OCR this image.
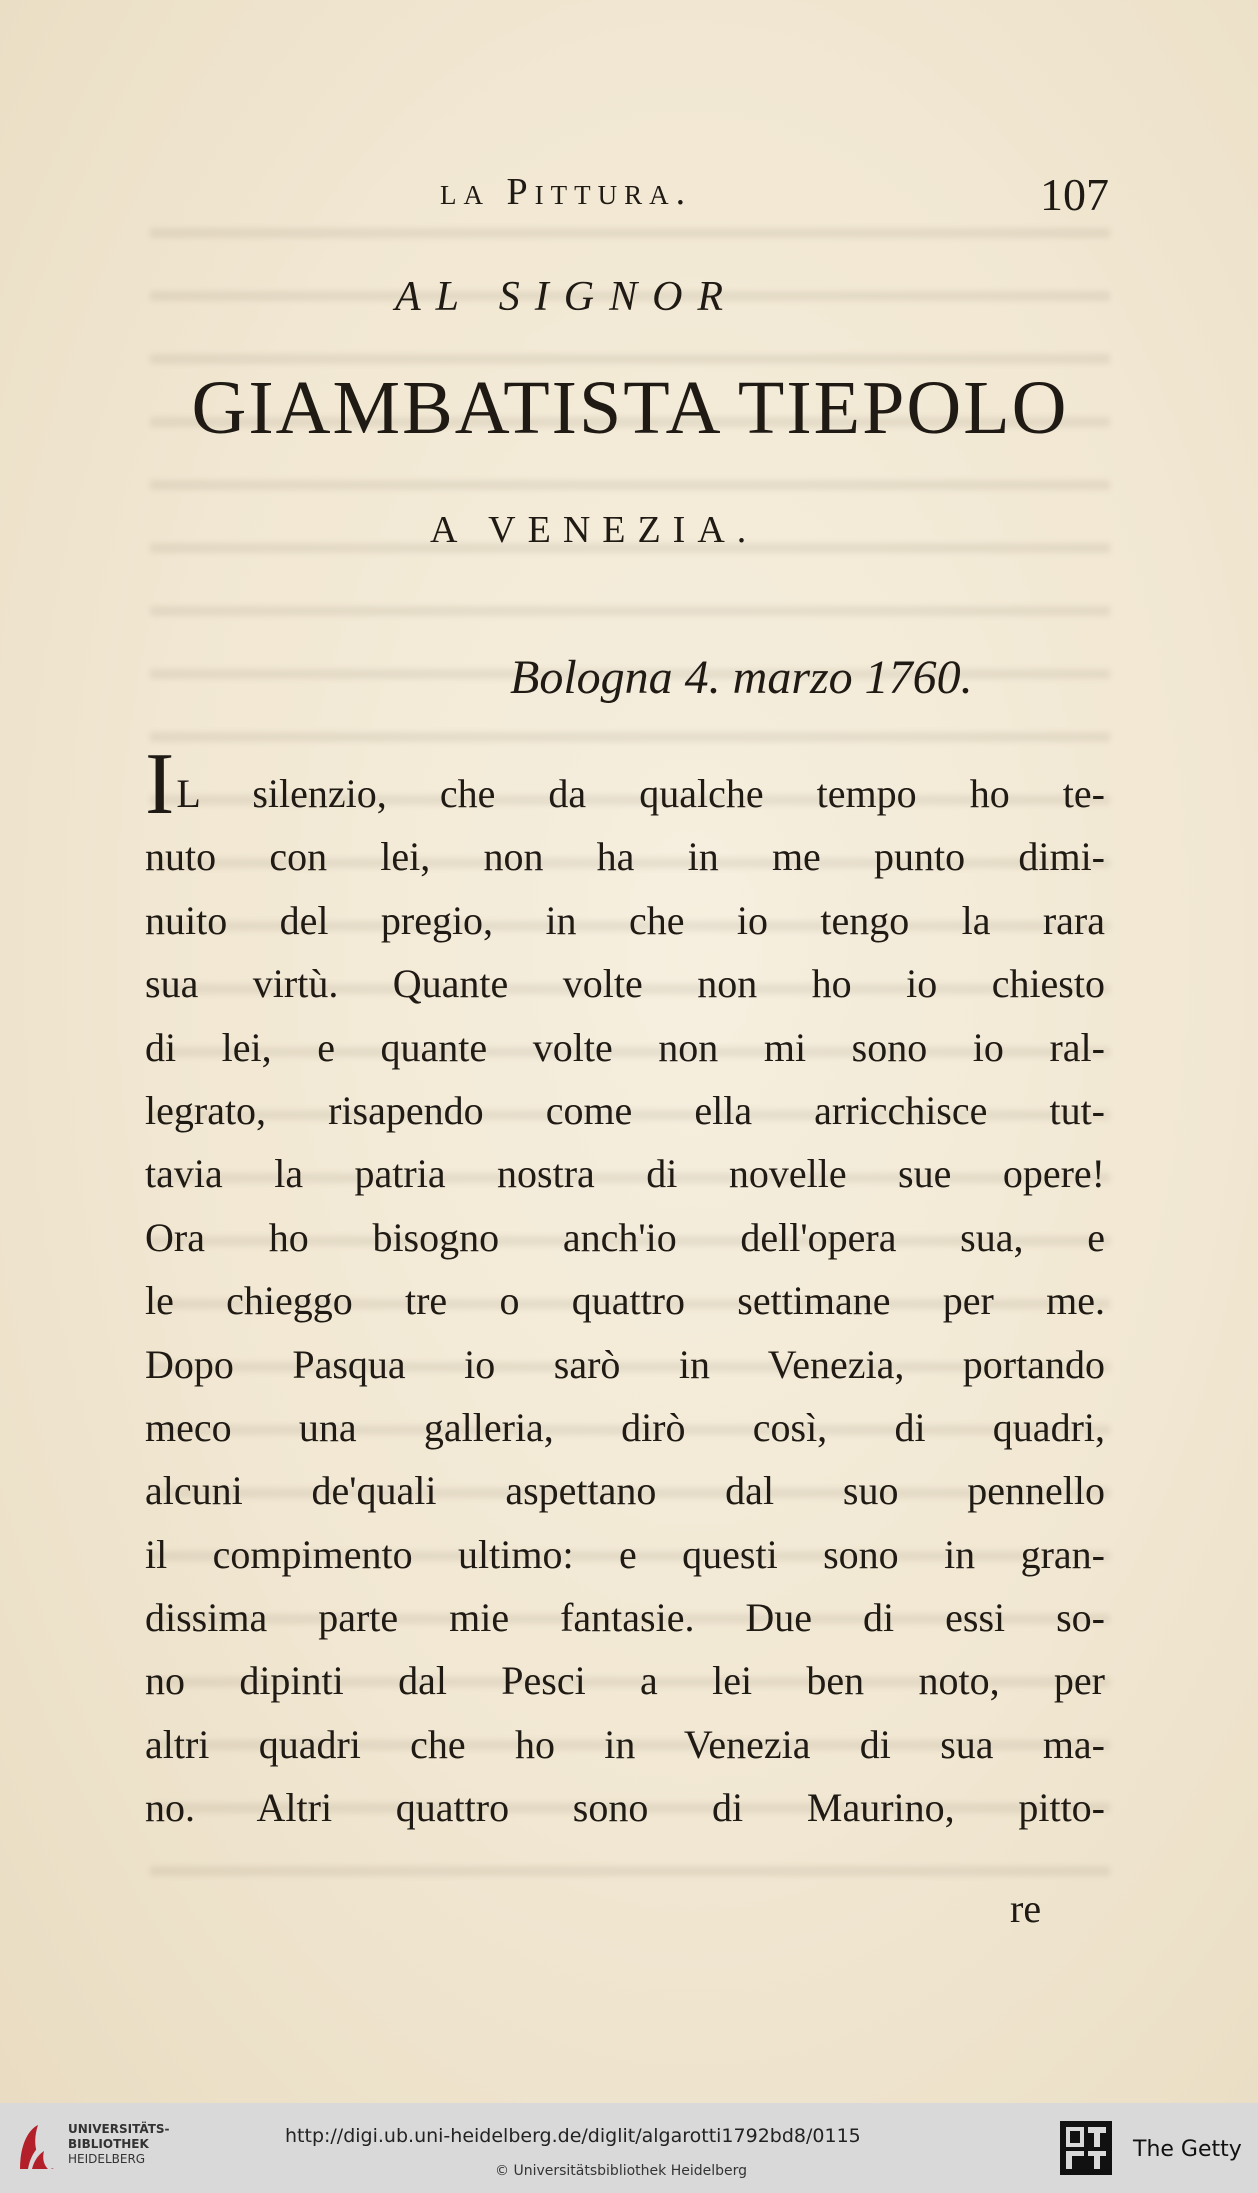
la Pittura.	107
AL SIGNOR
GIAMBATISTA TIEPOLO
A VENEZIA.
Bologna 4. marzo 1760.
IL silenzio, che da qualche tempo ho te-
nuto con lei, non ha in me punto dimi-
nuito del pregio, in che io tengo la rara
sua virtù. Quante volte non ho io chiesto
di lei, e quante volte non mi sono io ral-
legrato, risapendo come ella arricchisce tut-
tavia la patria nostra di novelle sue opere!
Ora ho bisogno anch'io dell'opera sua, e
le chieggo tre o quattro settimane per me.
Dopo Pasqua io sarò in Venezia, portando
meco una galleria, dirò così, di quadri,
alcuni de'quali aspettano dal suo pennello
il compimento ultimo: e questi sono in gran-
dissima parte mie fantasie. Due di essi so-
no dipinti dal Pesci a lei ben noto, per
altri quadri che ho in Venezia di sua ma-
no. Altri quattro sono di Maurino, pitto-
re
UNIVERSITÄTS-
BIBLIOTHEK
HEIDELBERG
http://digi.ub.uni-heidelberg.de/diglit/algarotti1792bd8/0115
© Universitätsbibliothek Heidelberg
The Getty
